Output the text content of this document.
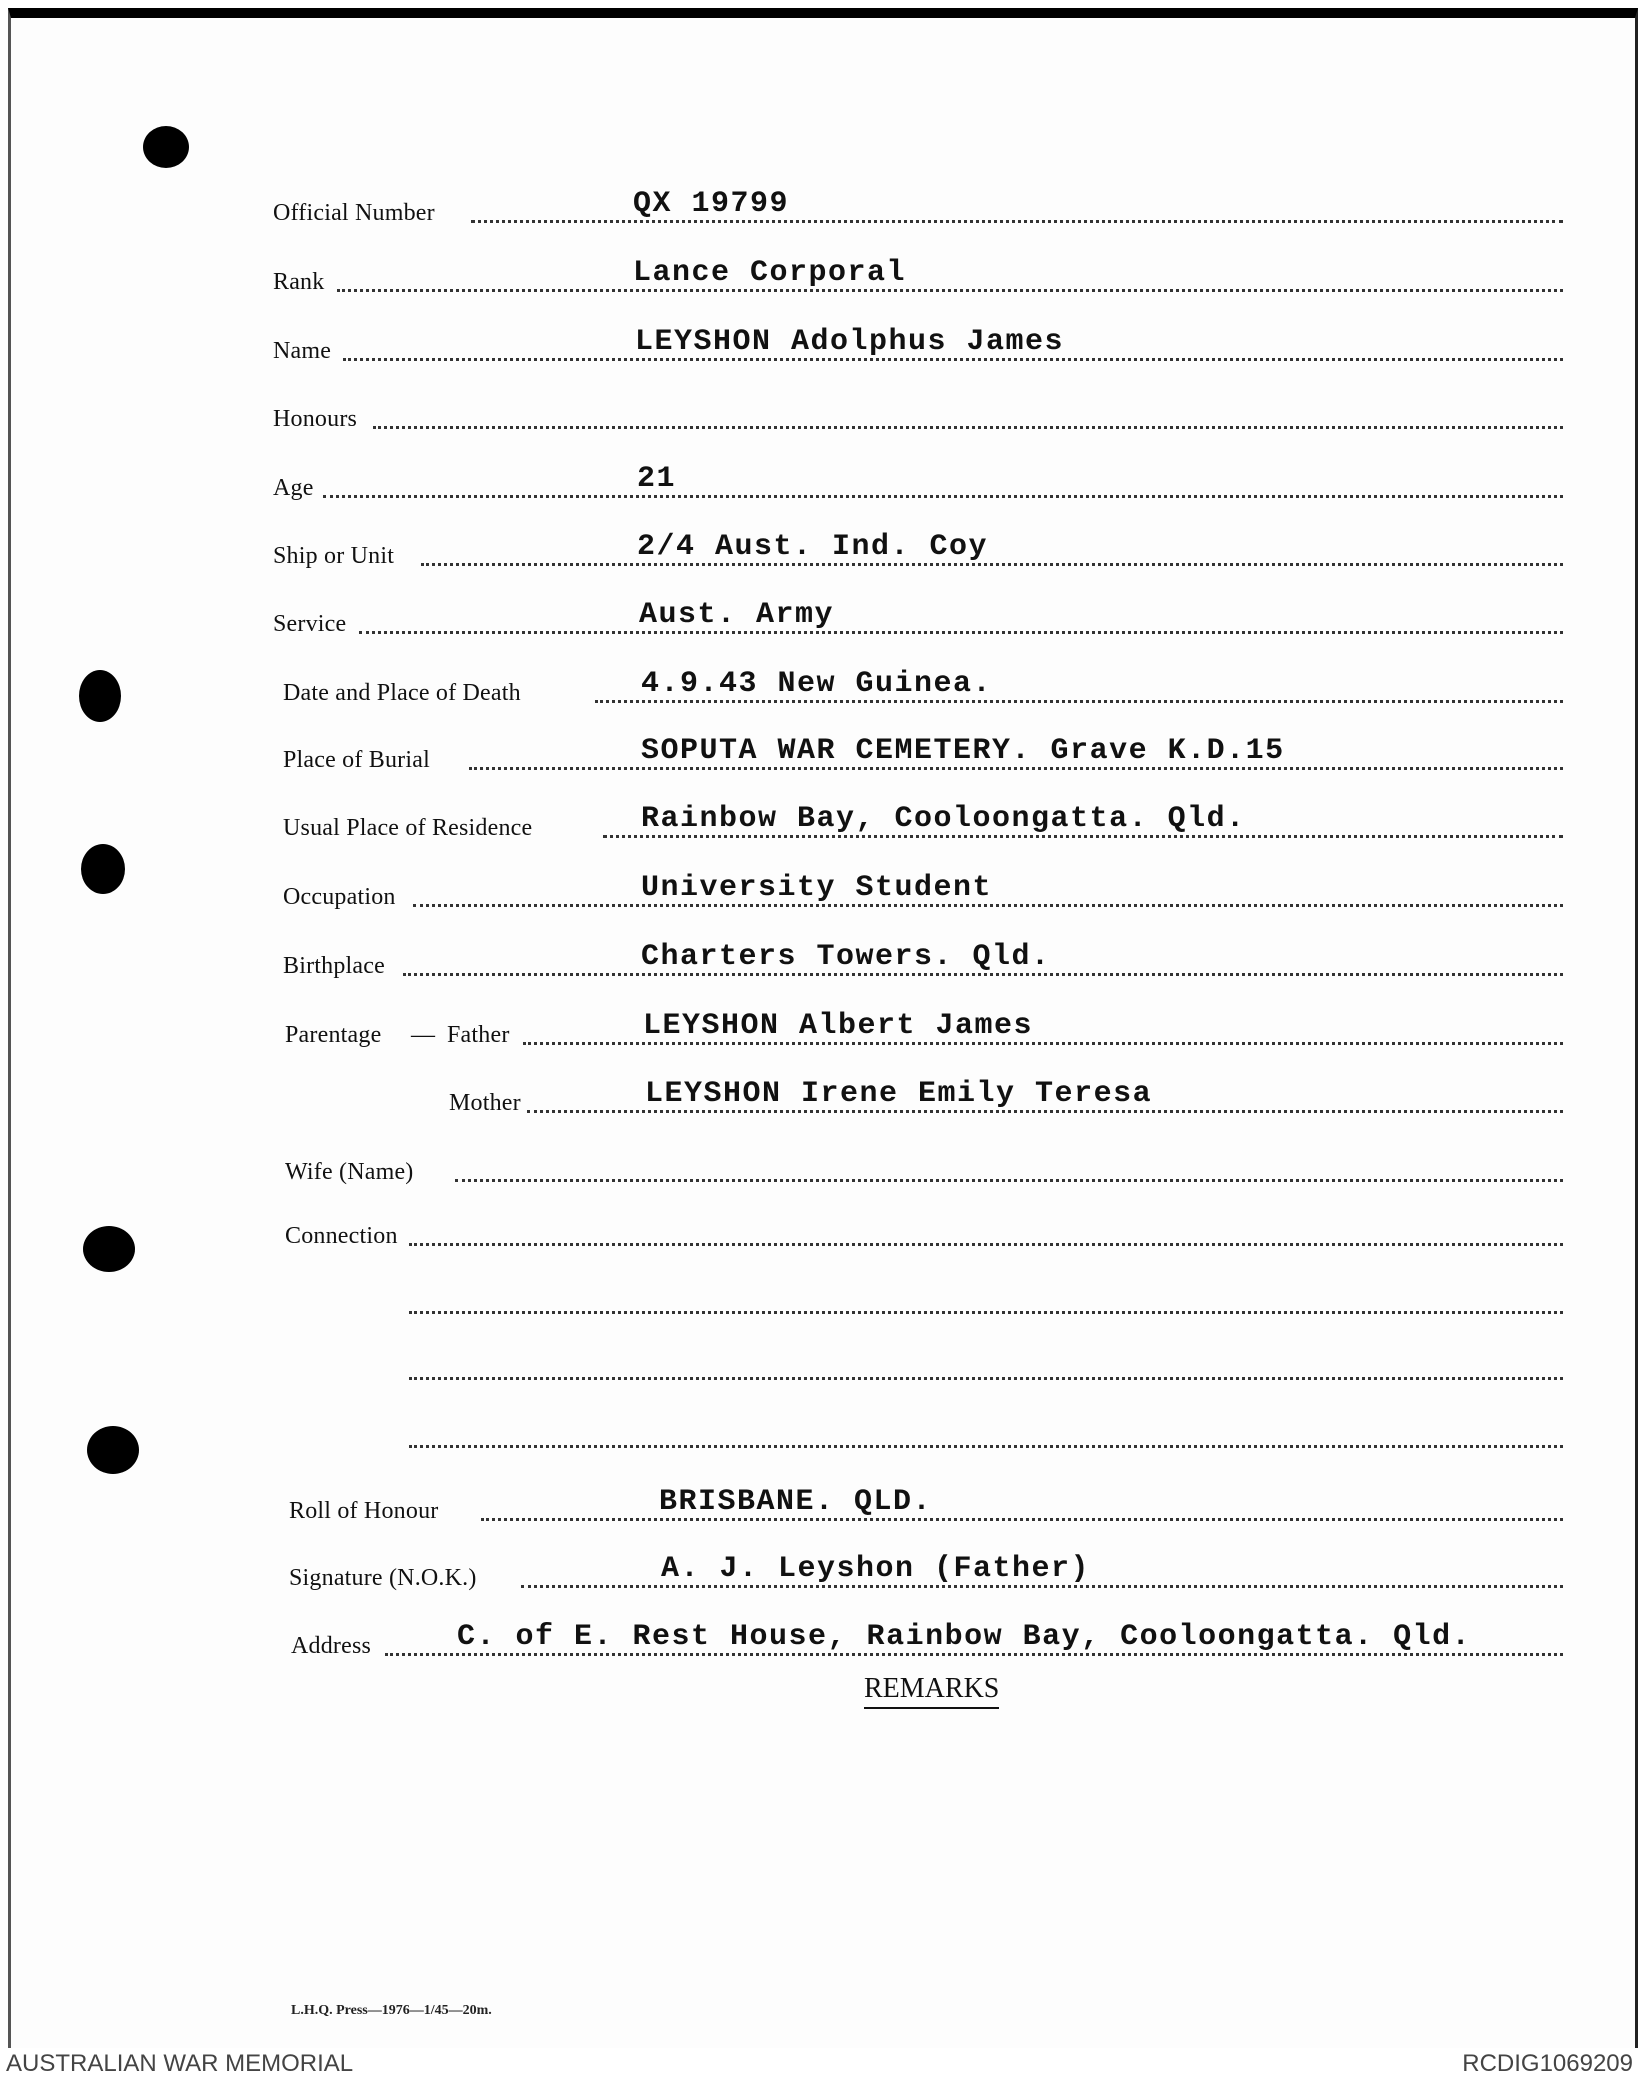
Official Number	QX 19799
Rank	Lance Corporal
Name	LEYSHON Adolphus James
Honours
Age	21
Ship or Unit	2/4 Aust. Ind. Coy
Service	Aust. Army
Date and Place of Death	4.9.43 New Guinea.
Place of Burial	SOPUTA WAR CEMETERY. Grave K.D.15
Usual Place of Residence	Rainbow Bay, Cooloongatta. Qld.
Occupation	University Student
Birthplace	Charters Towers. Qld.
Parentage — Father	LEYSHON Albert James
Mother	LEYSHON Irene Emily Teresa
Wife (Name)
Connection
Roll of Honour	BRISBANE. QLD.
Signature (N.O.K.)	A. J. Leyshon (Father)
Address	C. of E. Rest House, Rainbow Bay, Cooloongatta. Qld.
REMARKS
L.H.Q. Press—1976—1/45—20m.
AUSTRALIAN WAR MEMORIAL	RCDIG1069209
